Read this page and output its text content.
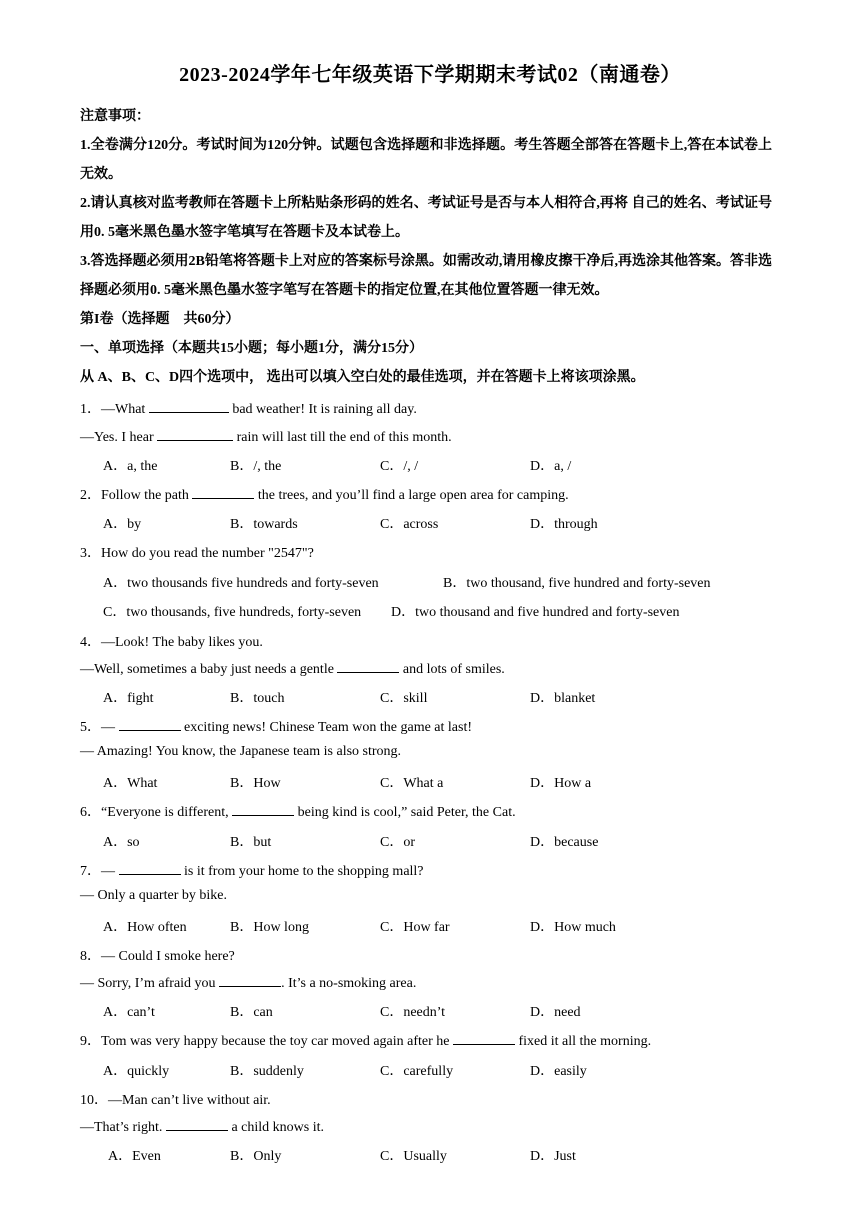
2023-2024学年七年级英语下学期期末考试02（南通卷）

注意事项：

1.全卷满分120分。考试时间为120分钟。试题包含选择题和非选择题。考生答题全部答在答题卡上,答在本试卷上无效。

2.请认真核对监考教师在答题卡上所粘贴条形码的姓名、考试证号是否与本人相符合,再将 自己的姓名、考试证号用0. 5毫米黑色墨水签字笔填写在答题卡及本试卷上。

3.答选择题必须用2B铅笔将答题卡上对应的答案标号涂黑。如需改动,请用橡皮擦干净后,再选涂其他答案。答非选择题必须用0. 5毫米黑色墨水签字笔写在答题卡的指定位置,在其他位置答题一律无效。

第I卷（选择题　共60分）

一、单项选择（本题共15小题；每小题1分，满分15分）

从 A、B、C、D四个选项中， 选出可以填入空白处的最佳选项，并在答题卡上将该项涂黑。

1．—What	bad weather! It is raining all day.
—Yes. I hear	rain will last till the end of this month.
A．a, the	B．/, the	C．/, /	D．a, /
2．Follow the path	the trees, and you’ll find a large open area for camping.
A．by	B．towards	C．across	D．through
3．How do you read the number "2547"?
A．two thousands five hundreds and forty-seven	B．two thousand, five hundred and forty-seven
C．two thousands, five hundreds, forty-seven D．two thousand and five hundred and forty-seven
4．—Look! The baby likes you.
—Well, sometimes a baby just needs a gentle	and lots of smiles.
A．fight	B．touch	C．skill	D．blanket
5．—	exciting news! Chinese Team won the game at last!
— Amazing! You know, the Japanese team is also strong.
A．What	B．How	C．What a	D．How a
6．“Everyone is different,	being kind is cool,” said Peter, the Cat.
A．so	B．but	C．or	D．because
7．—	is it from your home to the shopping mall?
— Only a quarter by bike.
A．How often	B．How long	C．How far	D．How much
8．— Could I smoke here?
— Sorry, I’m afraid you	. It’s a no-smoking area.
A．can’t	B．can	C．needn’t	D．need
9．Tom was very happy because the toy car moved again after he	fixed it all the morning.
A．quickly	B．suddenly	C．carefully	D．easily
10．—Man can’t live without air.
—That’s right.	a child knows it.
A．Even	B．Only	C．Usually	D．Just
